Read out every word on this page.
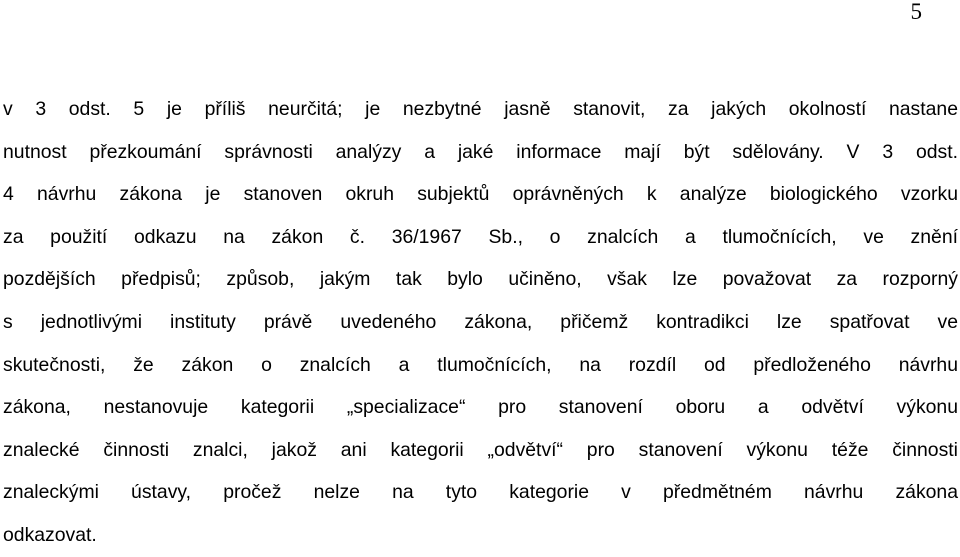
5
v 3 odst. 5 je příliš neurčitá; je nezbytné jasně stanovit, za jakých okolností nastane
nutnost přezkoumání správnosti analýzy a jaké informace mají být sdělovány. V 3 odst.
4 návrhu zákona je stanoven okruh subjektů oprávněných k analýze biologického vzorku
za použití odkazu na zákon č. 36/1967 Sb., o znalcích a tlumočnících, ve znění
pozdějších předpisů; způsob, jakým tak bylo učiněno, však lze považovat za rozporný
s jednotlivými instituty právě uvedeného zákona, přičemž kontradikci lze spatřovat ve
skutečnosti, že zákon o znalcích a tlumočnících, na rozdíl od předloženého návrhu
zákona, nestanovuje kategorii „specializace“ pro stanovení oboru a odvětví výkonu
znalecké činnosti znalci, jakož ani kategorii „odvětví“ pro stanovení výkonu téže činnosti
znaleckými ústavy, pročež nelze na tyto kategorie v předmětném návrhu zákona
odkazovat.
